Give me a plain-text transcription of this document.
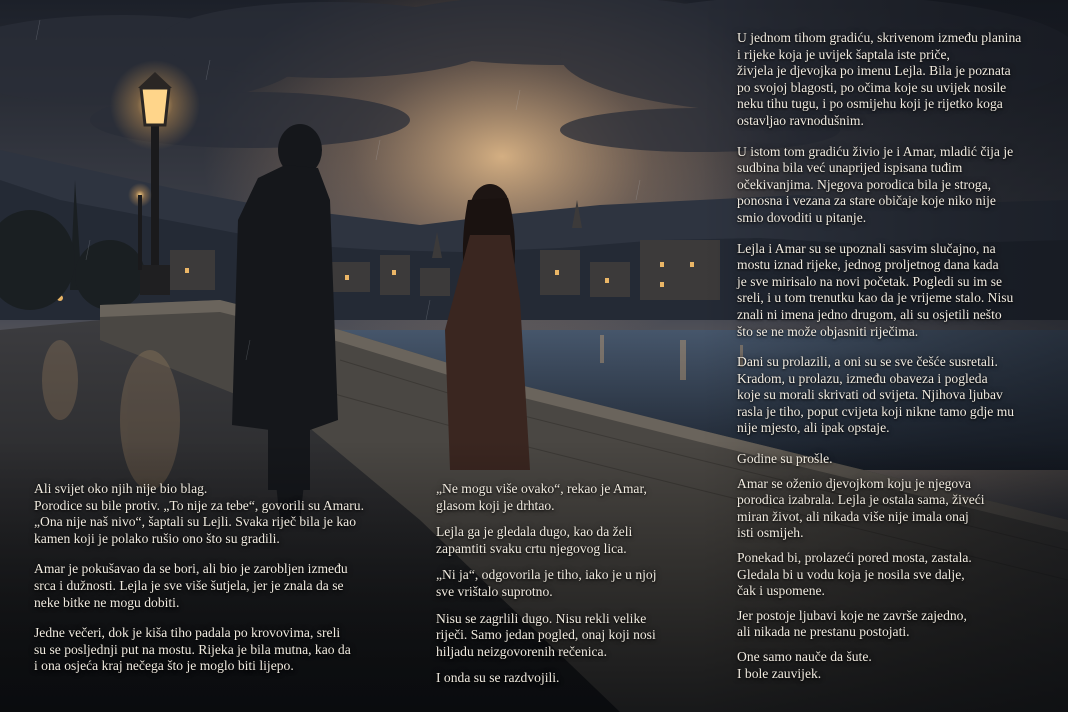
U jednom tihom gradiću, skrivenom između planina
i rijeke koja je uvijek šaptala iste priče,
živjela je djevojka po imenu Lejla. Bila je poznata
po svojoj blagosti, po očima koje su uvijek nosile
neku tihu tugu, i po osmijehu koji je rijetko koga
ostavljao ravnodušnim.

U istom tom gradiću živio je i Amar, mladić čija je
sudbina bila već unaprijed ispisana tuđim
očekivanjima. Njegova porodica bila je stroga,
ponosna i vezana za stare običaje koje niko nije
smio dovoditi u pitanje.

Lejla i Amar su se upoznali sasvim slučajno, na
mostu iznad rijeke, jednog proljetnog dana kada
je sve mirisalo na novi početak. Pogledi su im se
sreli, i u tom trenutku kao da je vrijeme stalo. Nisu
znali ni imena jedno drugom, ali su osjetili nešto
što se ne može objasniti riječima.

Dani su prolazili, a oni su se sve češće susretali.
Kradom, u prolazu, između obaveza i pogleda
koje su morali skrivati od svijeta. Njihova ljubav
rasla je tiho, poput cvijeta koji nikne tamo gdje mu
nije mjesto, ali ipak opstaje.

Godine su prošle.

Amar se oženio djevojkom koju je njegova
porodica izabrala. Lejla je ostala sama, živeći
miran život, ali nikada više nije imala onaj
isti osmijeh.

Ponekad bi, prolazeći pored mosta, zastala.
Gledala bi u vodu koja je nosila sve dalje,
čak i uspomene.

Jer postoje ljubavi koje ne završe zajedno,
ali nikada ne prestanu postojati.

One samo nauče da šute.
I bole zauvijek.

Ali svijet oko njih nije bio blag.
Porodice su bile protiv. „To nije za tebe“, govorili su Amaru.
„Ona nije naš nivo“, šaptali su Lejli. Svaka riječ bila je kao
kamen koji je polako rušio ono što su gradili.

Amar je pokušavao da se bori, ali bio je zarobljen između
srca i dužnosti. Lejla je sve više šutjela, jer je znala da se
neke bitke ne mogu dobiti.

Jedne večeri, dok je kiša tiho padala po krovovima, sreli
su se posljednji put na mostu. Rijeka je bila mutna, kao da
i ona osjeća kraj nečega što je moglo biti lijepo.

„Ne mogu više ovako“, rekao je Amar,
glasom koji je drhtao.

Lejla ga je gledala dugo, kao da želi
zapamtiti svaku crtu njegovog lica.

„Ni ja“, odgovorila je tiho, iako je u njoj
sve vrištalo suprotno.

Nisu se zagrlili dugo. Nisu rekli velike
riječi. Samo jedan pogled, onaj koji nosi
hiljadu neizgovorenih rečenica.

I onda su se razdvojili.
